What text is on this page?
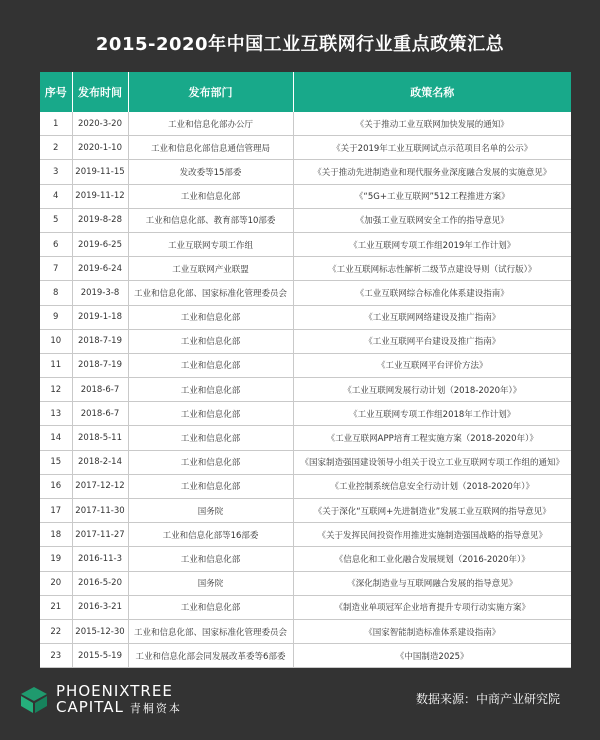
2015-2020年中国工业互联网行业重点政策汇总
序号	发布时间	发布部门	政策名称
1	2020-3-20	工业和信息化部办公厅	《关于推动工业互联网加快发展的通知》
2	2020-1-10	工业和信息化部信息通信管理局	《关于2019年工业互联网试点示范项目名单的公示》
3	2019-11-15	发改委等15部委	《关于推动先进制造业和现代服务业深度融合发展的实施意见》
4	2019-11-12	工业和信息化部	《“5G+工业互联网”512工程推进方案》
5	2019-8-28	工业和信息化部、教育部等10部委	《加强工业互联网安全工作的指导意见》
6	2019-6-25	工业互联网专项工作组	《工业互联网专项工作组2019年工作计划》
7	2019-6-24	工业互联网产业联盟	《工业互联网标志性解析二级节点建设导则（试行版）》
8	2019-3-8	工业和信息化部、国家标准化管理委员会	《工业互联网综合标准化体系建设指南》
9	2019-1-18	工业和信息化部	《工业互联网网络建设及推广指南》
10	2018-7-19	工业和信息化部	《工业互联网平台建设及推广指南》
11	2018-7-19	工业和信息化部	《工业互联网平台评价方法》
12	2018-6-7	工业和信息化部	《工业互联网发展行动计划（2018-2020年）》
13	2018-6-7	工业和信息化部	《工业互联网专项工作组2018年工作计划》
14	2018-5-11	工业和信息化部	《工业互联网APP培育工程实施方案（2018-2020年）》
15	2018-2-14	工业和信息化部	《国家制造强国建设领导小组关于设立工业互联网专项工作组的通知》
16	2017-12-12	工业和信息化部	《工业控制系统信息安全行动计划（2018-2020年）》
17	2017-11-30	国务院	《关于深化“互联网+先进制造业”发展工业互联网的指导意见》
18	2017-11-27	工业和信息化部等16部委	《关于发挥民间投资作用推进实施制造强国战略的指导意见》
19	2016-11-3	工业和信息化部	《信息化和工业化融合发展规划（2016-2020年）》
20	2016-5-20	国务院	《深化制造业与互联网融合发展的指导意见》
21	2016-3-21	工业和信息化部	《制造业单项冠军企业培育提升专项行动实施方案》
22	2015-12-30	工业和信息化部、国家标准化管理委员会	《国家智能制造标准体系建设指南》
23	2015-5-19	工业和信息化部会同发展改革委等6部委	《中国制造2025》
PHOENIXTREE
CAPITAL 青桐资本
数据来源：中商产业研究院
